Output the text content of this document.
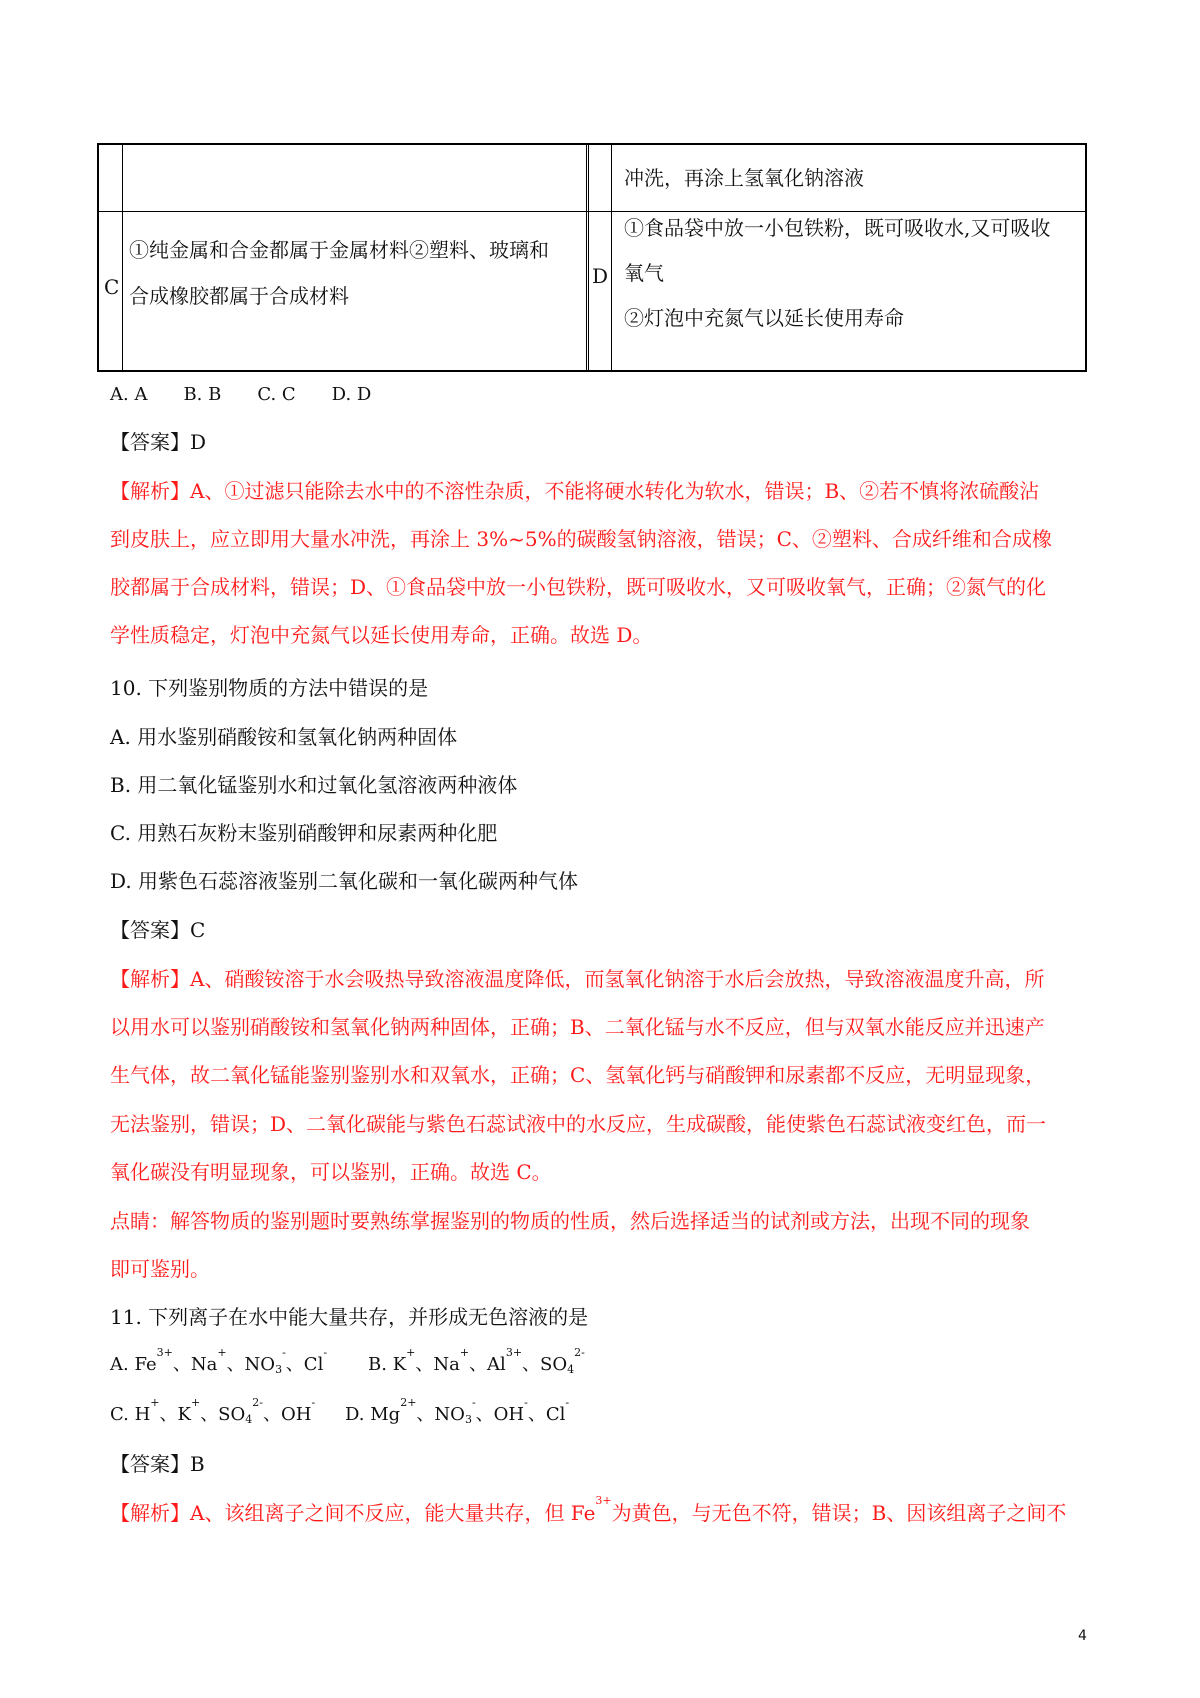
冲洗，再涂上氢氧化钠溶液
C
①纯金属和合金都属于金属材料②塑料、玻璃和
合成橡胶都属于合成材料
D
①食品袋中放一小包铁粉，既可吸收水,又可吸收
氧气
②灯泡中充氮气以延长使用寿命
A. A　　B. B　　C. C　　D. D
【答案】D
【解析】A、①过滤只能除去水中的不溶性杂质，不能将硬水转化为软水，错误；B、②若不慎将浓硫酸沾
到皮肤上，应立即用大量水冲洗，再涂上 3%~5%的碳酸氢钠溶液，错误；C、②塑料、合成纤维和合成橡
胶都属于合成材料，错误；D、①食品袋中放一小包铁粉，既可吸收水，又可吸收氧气，正确；②氮气的化
学性质稳定，灯泡中充氮气以延长使用寿命，正确。故选 D。
10. 下列鉴别物质的方法中错误的是
A. 用水鉴别硝酸铵和氢氧化钠两种固体
B. 用二氧化锰鉴别水和过氧化氢溶液两种液体
C. 用熟石灰粉末鉴别硝酸钾和尿素两种化肥
D. 用紫色石蕊溶液鉴别二氧化碳和一氧化碳两种气体
【答案】C
【解析】A、硝酸铵溶于水会吸热导致溶液温度降低，而氢氧化钠溶于水后会放热，导致溶液温度升高，所
以用水可以鉴别硝酸铵和氢氧化钠两种固体，正确；B、二氧化锰与水不反应，但与双氧水能反应并迅速产
生气体，故二氧化锰能鉴别鉴别水和双氧水，正确；C、氢氧化钙与硝酸钾和尿素都不反应，无明显现象，
无法鉴别，错误；D、二氧化碳能与紫色石蕊试液中的水反应，生成碳酸，能使紫色石蕊试液变红色，而一
氧化碳没有明显现象，可以鉴别，正确。故选 C。
点睛：解答物质的鉴别题时要熟练掌握鉴别的物质的性质，然后选择适当的试剂或方法，出现不同的现象
即可鉴别。
11. 下列离子在水中能大量共存，并形成无色溶液的是
A. $Fe^{3+}$、Na+、$NO_3^-$、Cl-
B. K+、Na+、$Al^{3+}$、$SO_4^{2-}$
C. H+、K+、$SO_4^{2-}$、OH-
D. $Mg^{2+}$、$NO_3^-$、OH-、Cl-
【答案】B
【解析】A、该组离子之间不反应，能大量共存，但 $Fe^{3+}$为黄色，与无色不符，错误；B、因该组离子之间不
4
